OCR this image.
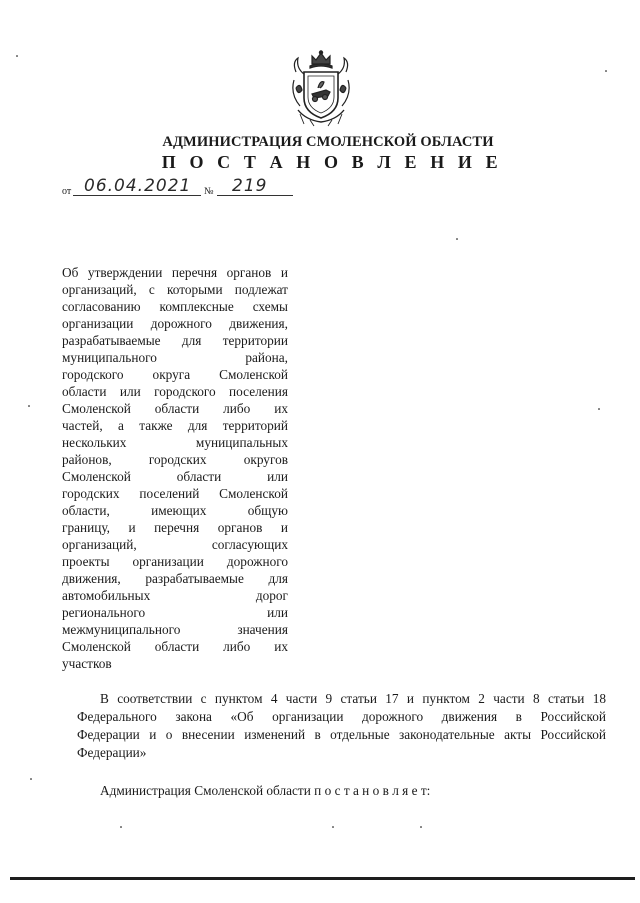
АДМИНИСТРАЦИЯ СМОЛЕНСКОЙ ОБЛАСТИ
П О С Т А Н О В Л Е Н И Е
от 06.04.2021 № 219
Об утверждении перечня органов и
организаций, с которыми подлежат
согласованию комплексные схемы
организации дорожного движения,
разрабатываемые для территории
муниципального района,
городского округа Смоленской
области или городского поселения
Смоленской области либо их
частей, а также для территорий
нескольких муниципальных
районов, городских округов
Смоленской области или
городских поселений Смоленской
области, имеющих общую
границу, и перечня органов и
организаций, согласующих
проекты организации дорожного
движения, разрабатываемые для
автомобильных дорог
регионального или
межмуниципального значения
Смоленской области либо их
участков
В соответствии с пунктом 4 части 9 статьи 17 и пунктом 2 части 8 статьи 18
Федерального закона «Об организации дорожного движения в Российской
Федерации и о внесении изменений в отдельные законодательные акты Российской
Федерации»
Администрация Смоленской области п о с т а н о в л я е т:
